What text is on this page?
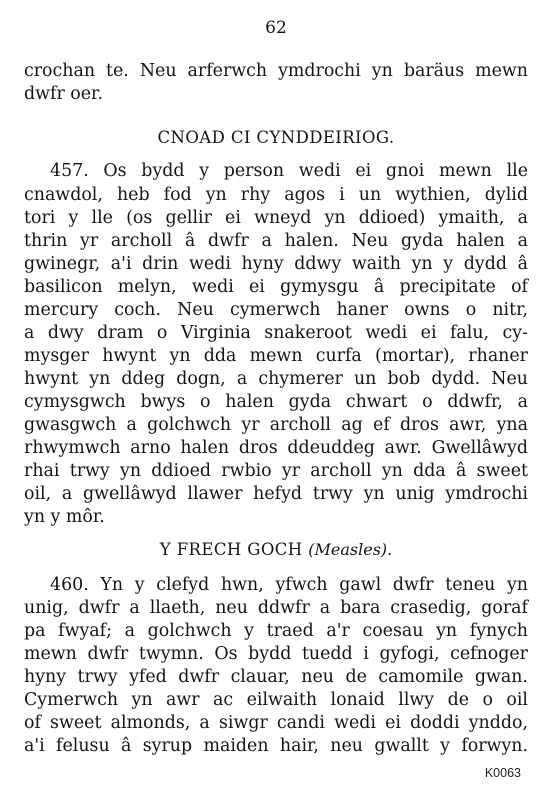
62
crochan te. Neu arferwch ymdrochi yn baräus mewn
dwfr oer.
CNOAD CI CYNDDEIRIOG.
457. Os bydd y person wedi ei gnoi mewn lle
cnawdol, heb fod yn rhy agos i un wythien, dylid
tori y lle (os gellir ei wneyd yn ddioed) ymaith, a
thrin yr archoll â dwfr a halen. Neu gyda halen a
gwinegr, a'i drin wedi hyny ddwy waith yn y dydd â
basilicon melyn, wedi ei gymysgu â precipitate of
mercury coch. Neu cymerwch haner owns o nitr,
a dwy dram o Virginia snakeroot wedi ei falu, cy-
mysger hwynt yn dda mewn curfa (mortar), rhaner
hwynt yn ddeg dogn, a chymerer un bob dydd. Neu
cymysgwch bwys o halen gyda chwart o ddwfr, a
gwasgwch a golchwch yr archoll ag ef dros awr, yna
rhwymwch arno halen dros ddeuddeg awr. Gwellâwyd
rhai trwy yn ddioed rwbio yr archoll yn dda â sweet
oil, a gwellâwyd llawer hefyd trwy yn unig ymdrochi
yn y môr.
Y FRECH GOCH (Measles).
460. Yn y clefyd hwn, yfwch gawl dwfr teneu yn
unig, dwfr a llaeth, neu ddwfr a bara crasedig, goraf
pa fwyaf; a golchwch y traed a'r coesau yn fynych
mewn dwfr twymn. Os bydd tuedd i gyfogi, cefnoger
hyny trwy yfed dwfr clauar, neu de camomile gwan.
Cymerwch yn awr ac eilwaith lonaid llwy de o oil
of sweet almonds, a siwgr candi wedi ei doddi ynddo,
a'i felusu â syrup maiden hair, neu gwallt y forwyn.
K0063
